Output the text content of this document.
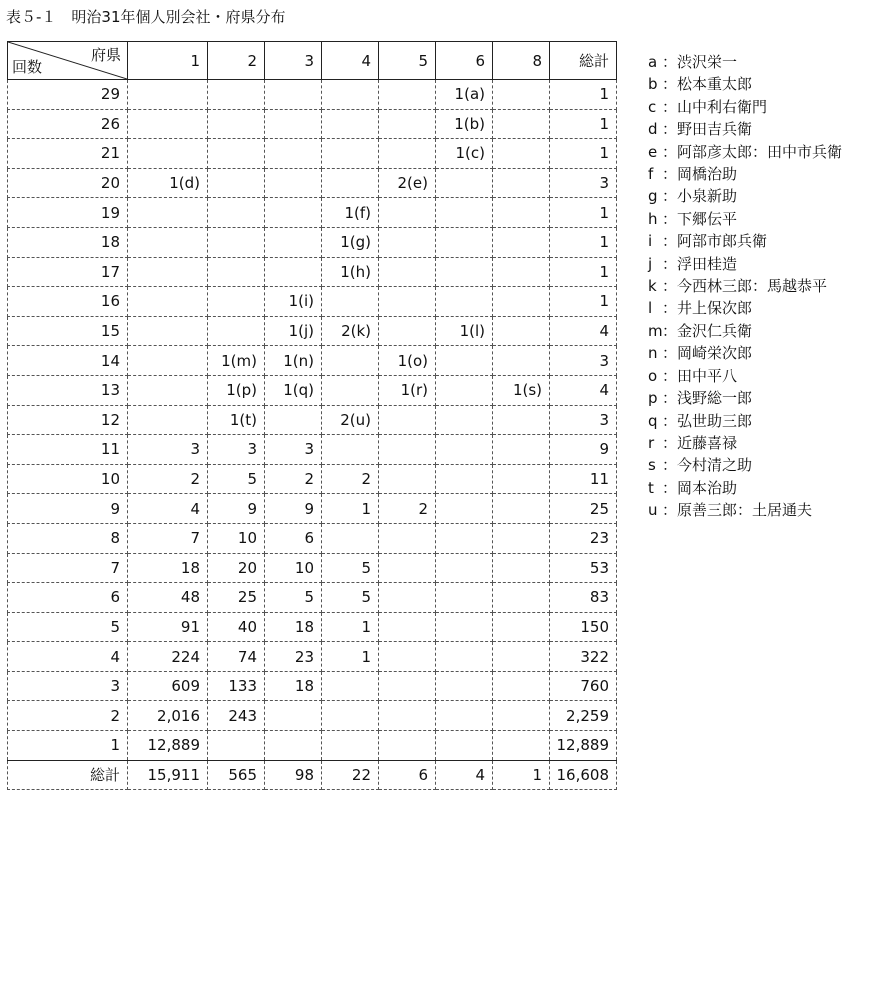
表５-１　明治31年個人別会社・府県分布
府県
回数	1	2	3	4	5	6	8	総計
29						1(a)		1
26						1(b)		1
21						1(c)		1
20	1(d)				2(e)			3
19				1(f)				1
18				1(g)				1
17				1(h)				1
16			1(i)					1
15			1(j)	2(k)		1(l)		4
14		1(m)	1(n)		1(o)			3
13		1(p)	1(q)		1(r)		1(s)	4
12		1(t)		2(u)				3
11	3	3	3					9
10	2	5	2	2				11
9	4	9	9	1	2			25
8	7	10	6					23
7	18	20	10	5				53
6	48	25	5	5				83
5	91	40	18	1				150
4	224	74	23	1				322
3	609	133	18					760
2	2,016	243						2,259
1	12,889							12,889
総計	15,911	565	98	22	6	4	1	16,608
a ：渋沢栄一
b ：松本重太郎
c ：山中利右衛門
d ：野田吉兵衛
e ：阿部彦太郎：田中市兵衛
f ：岡橋治助
g ：小泉新助
h ：下郷伝平
i ：阿部市郎兵衛
j ：浮田桂造
k ：今西林三郎：馬越恭平
l ：井上保次郎
m：金沢仁兵衛
n ：岡崎栄次郎
o ：田中平八
p ：浅野総一郎
q ：弘世助三郎
r ：近藤喜禄
s ：今村清之助
t ：岡本治助
u ：原善三郎：土居通夫
